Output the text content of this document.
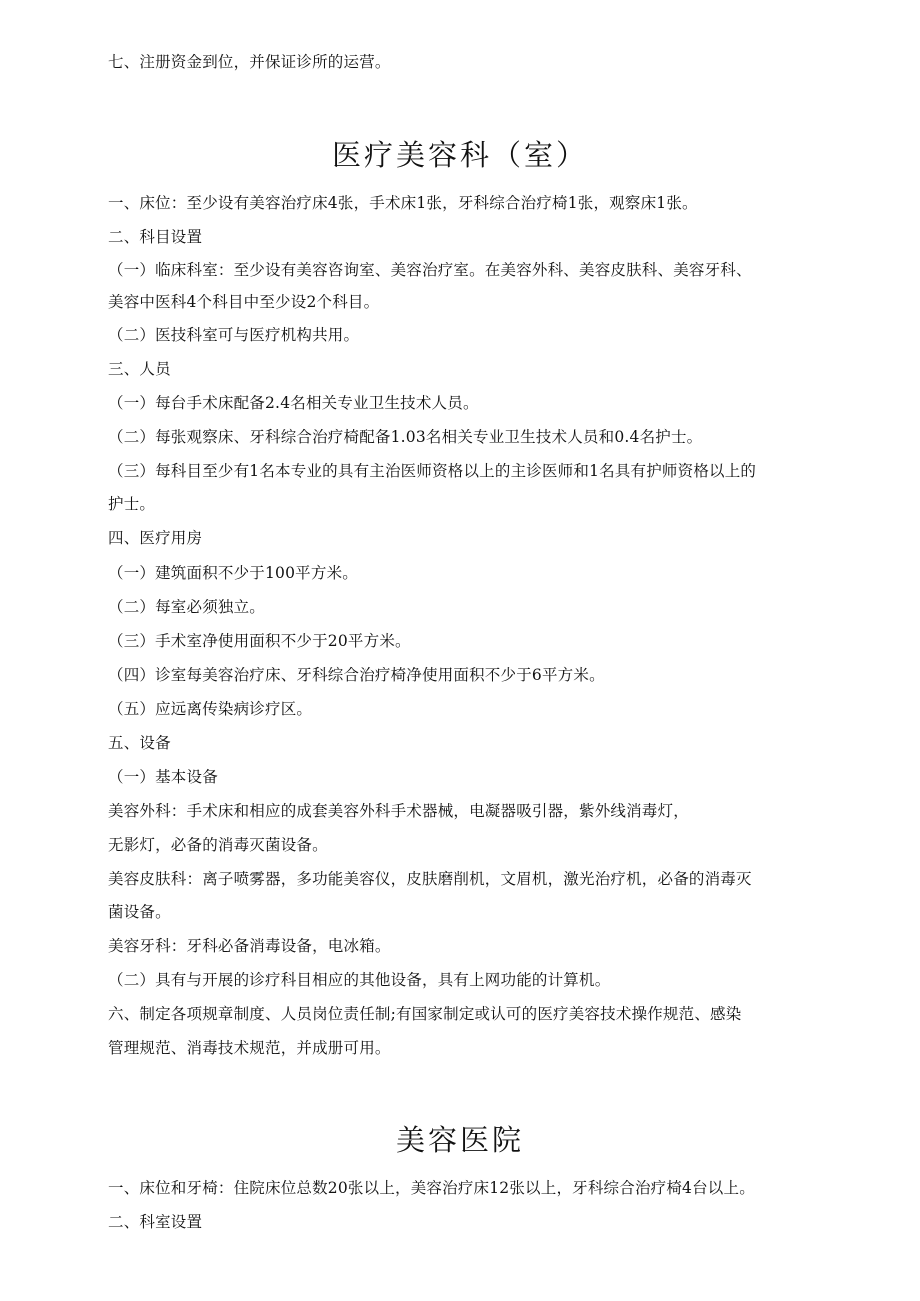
七、注册资金到位，并保证诊所的运营。
医疗美容科（室）
一、床位：至少设有美容治疗床4张，手术床1张，牙科综合治疗椅1张，观察床1张。
二、科目设置
（一）临床科室：至少设有美容咨询室、美容治疗室。在美容外科、美容皮肤科、美容牙科、
美容中医科4个科目中至少设2个科目。
（二）医技科室可与医疗机构共用。
三、人员
（一）每台手术床配备2.4名相关专业卫生技术人员。
（二）每张观察床、牙科综合治疗椅配备1.03名相关专业卫生技术人员和0.4名护士。
（三）每科目至少有1名本专业的具有主治医师资格以上的主诊医师和1名具有护师资格以上的
护士。
四、医疗用房
（一）建筑面积不少于100平方米。
（二）每室必须独立。
（三）手术室净使用面积不少于20平方米。
（四）诊室每美容治疗床、牙科综合治疗椅净使用面积不少于6平方米。
（五）应远离传染病诊疗区。
五、设备
（一）基本设备
美容外科：手术床和相应的成套美容外科手术器械，电凝器吸引器，紫外线消毒灯，
无影灯，必备的消毒灭菌设备。
美容皮肤科：离子喷雾器，多功能美容仪，皮肤磨削机，文眉机，激光治疗机，必备的消毒灭
菌设备。
美容牙科：牙科必备消毒设备，电冰箱。
（二）具有与开展的诊疗科目相应的其他设备，具有上网功能的计算机。
六、制定各项规章制度、人员岗位责任制;有国家制定或认可的医疗美容技术操作规范、感染
管理规范、消毒技术规范，并成册可用。
美容医院
一、床位和牙椅：住院床位总数20张以上，美容治疗床12张以上，牙科综合治疗椅4台以上。
二、科室设置
